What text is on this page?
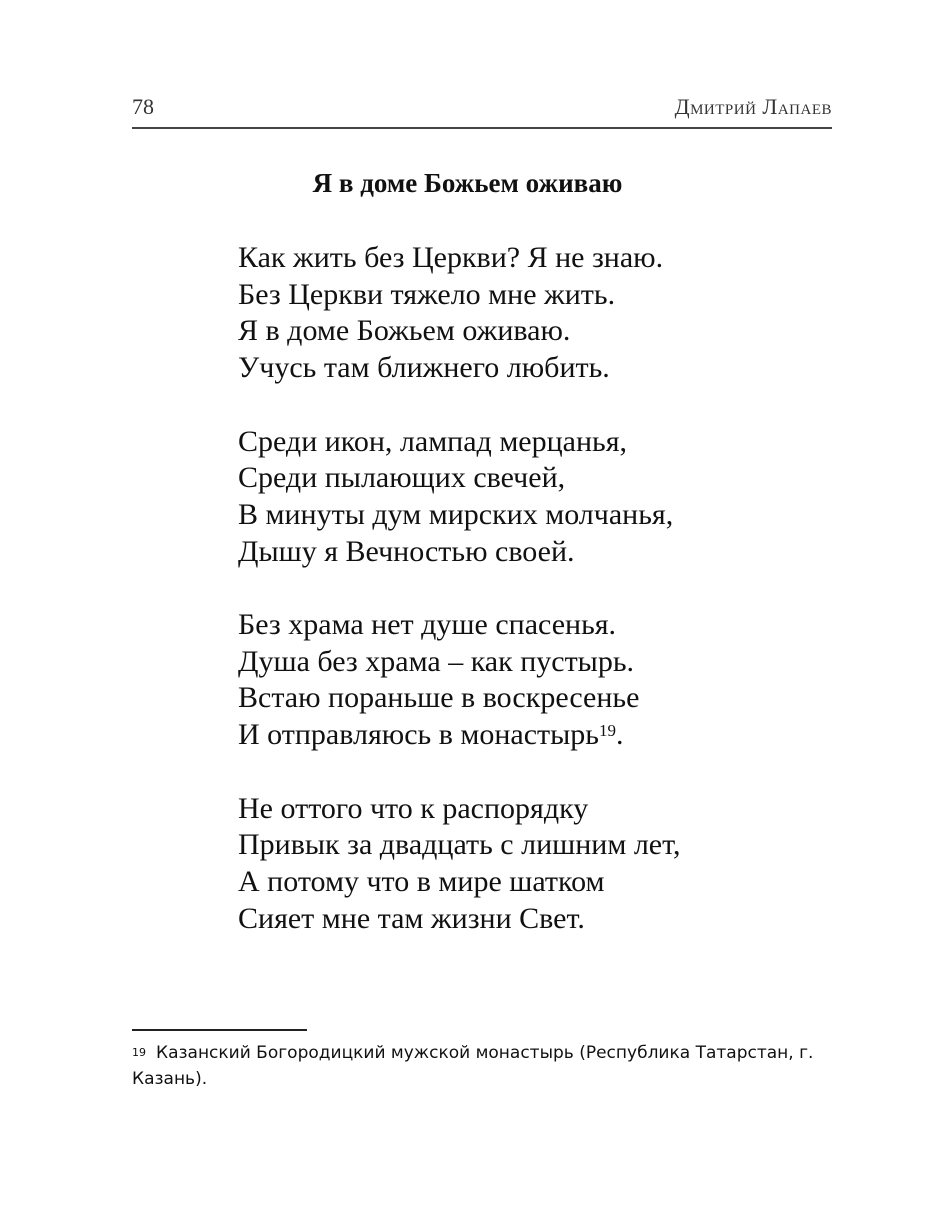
78	Дмитрий Лапаев
Я в доме Божьем оживаю
Как жить без Церкви? Я не знаю.
Без Церкви тяжело мне жить.
Я в доме Божьем оживаю.
Учусь там ближнего любить.
Среди икон, лампад мерцанья,
Среди пылающих свечей,
В минуты дум мирских молчанья,
Дышу я Вечностью своей.
Без храма нет душе спасенья.
Душа без храма – как пустырь.
Встаю пораньше в воскресенье
И отправляюсь в монастырь$^{19}$.
Не оттого что к распорядку
Привык за двадцать с лишним лет,
А потому что в мире шатком
Сияет мне там жизни Свет.
$^{19}$ Казанский Богородицкий мужской монастырь (Республика Татарстан, г. Казань).
